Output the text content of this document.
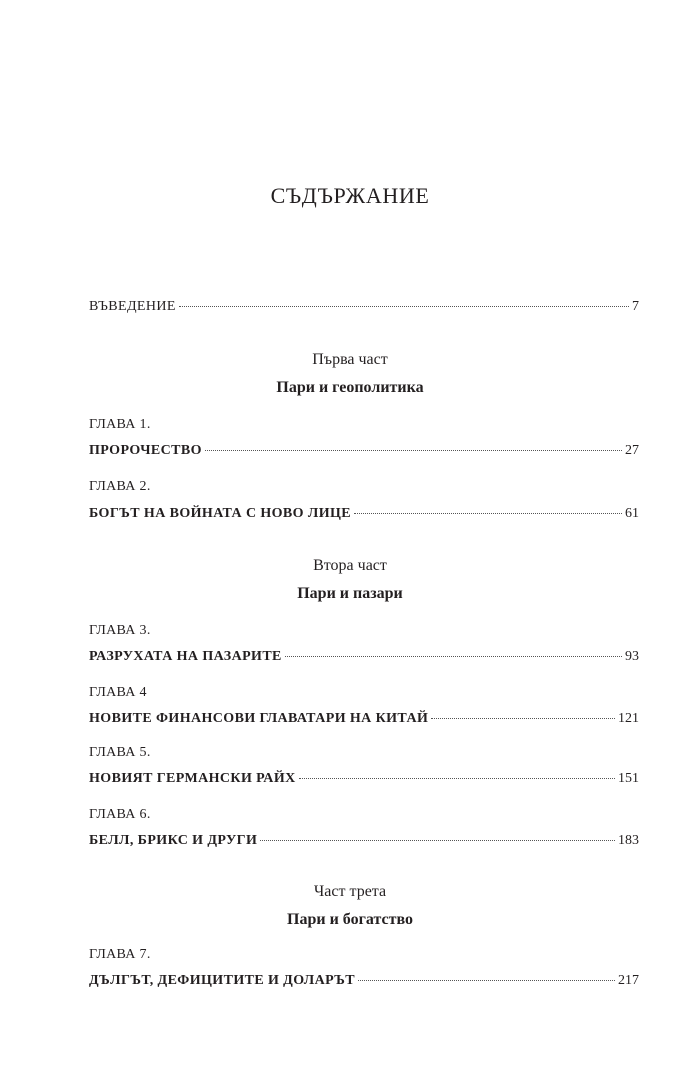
СЪДЪРЖАНИЕ
ВЪВЕДЕНИЕ	7
Първа част
Пари и геополитика
ГЛАВА 1.
ПРОРОЧЕСТВО	27
ГЛАВА 2.
БОГЪТ НА ВОЙНАТА С НОВО ЛИЦЕ	61
Втора част
Пари и пазари
ГЛАВА 3.
РАЗРУХАТА НА ПАЗАРИТЕ	93
ГЛАВА 4
НОВИТЕ ФИНАНСОВИ ГЛАВАТАРИ НА КИТАЙ	121
ГЛАВА 5.
НОВИЯТ ГЕРМАНСКИ РАЙХ	151
ГЛАВА 6.
БЕЛЛ, БРИКС И ДРУГИ	183
Част трета
Пари и богатство
ГЛАВА 7.
ДЪЛГЪТ, ДЕФИЦИТИТЕ И ДОЛАРЪТ	217
